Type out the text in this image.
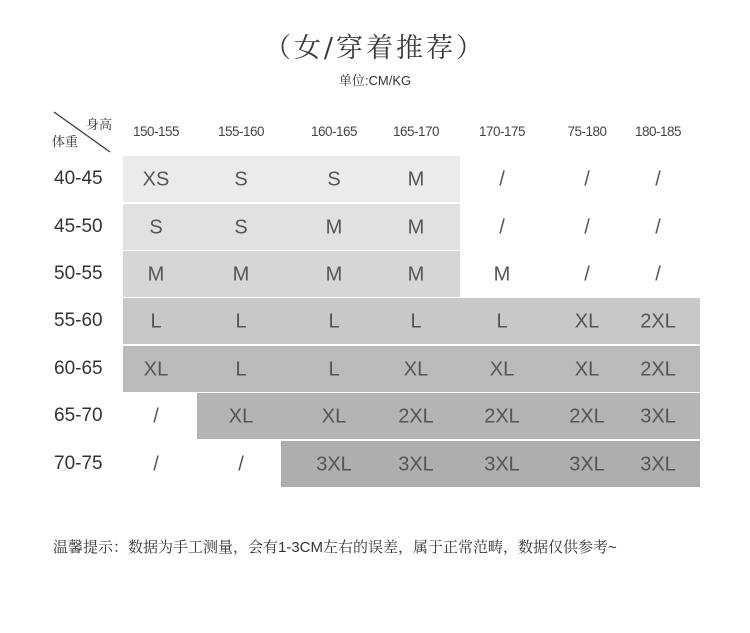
（女/穿着推荐）
单位:CM/KG
身高
体重
温馨提示：数据为手工测量，会有1-3CM左右的误差，属于正常范畴，数据仅供参考~
150-155	155-160	160-165	165-170	170-175	75-180 180-185
40-45 XS	S	S	M	/	/	/
45-50 S	S	M	M	/	/	/
50-55 M	M	M	M	M	/	/
55-60 L	L	L	L	L	XL 2XL
60-65 XL	L	L	XL	XL	XL 2XL
65-70	/	XL	XL	2XL	2XL 2XL 3XL
70-75	/	/	3XL 3XL	3XL 3XL 3XL
